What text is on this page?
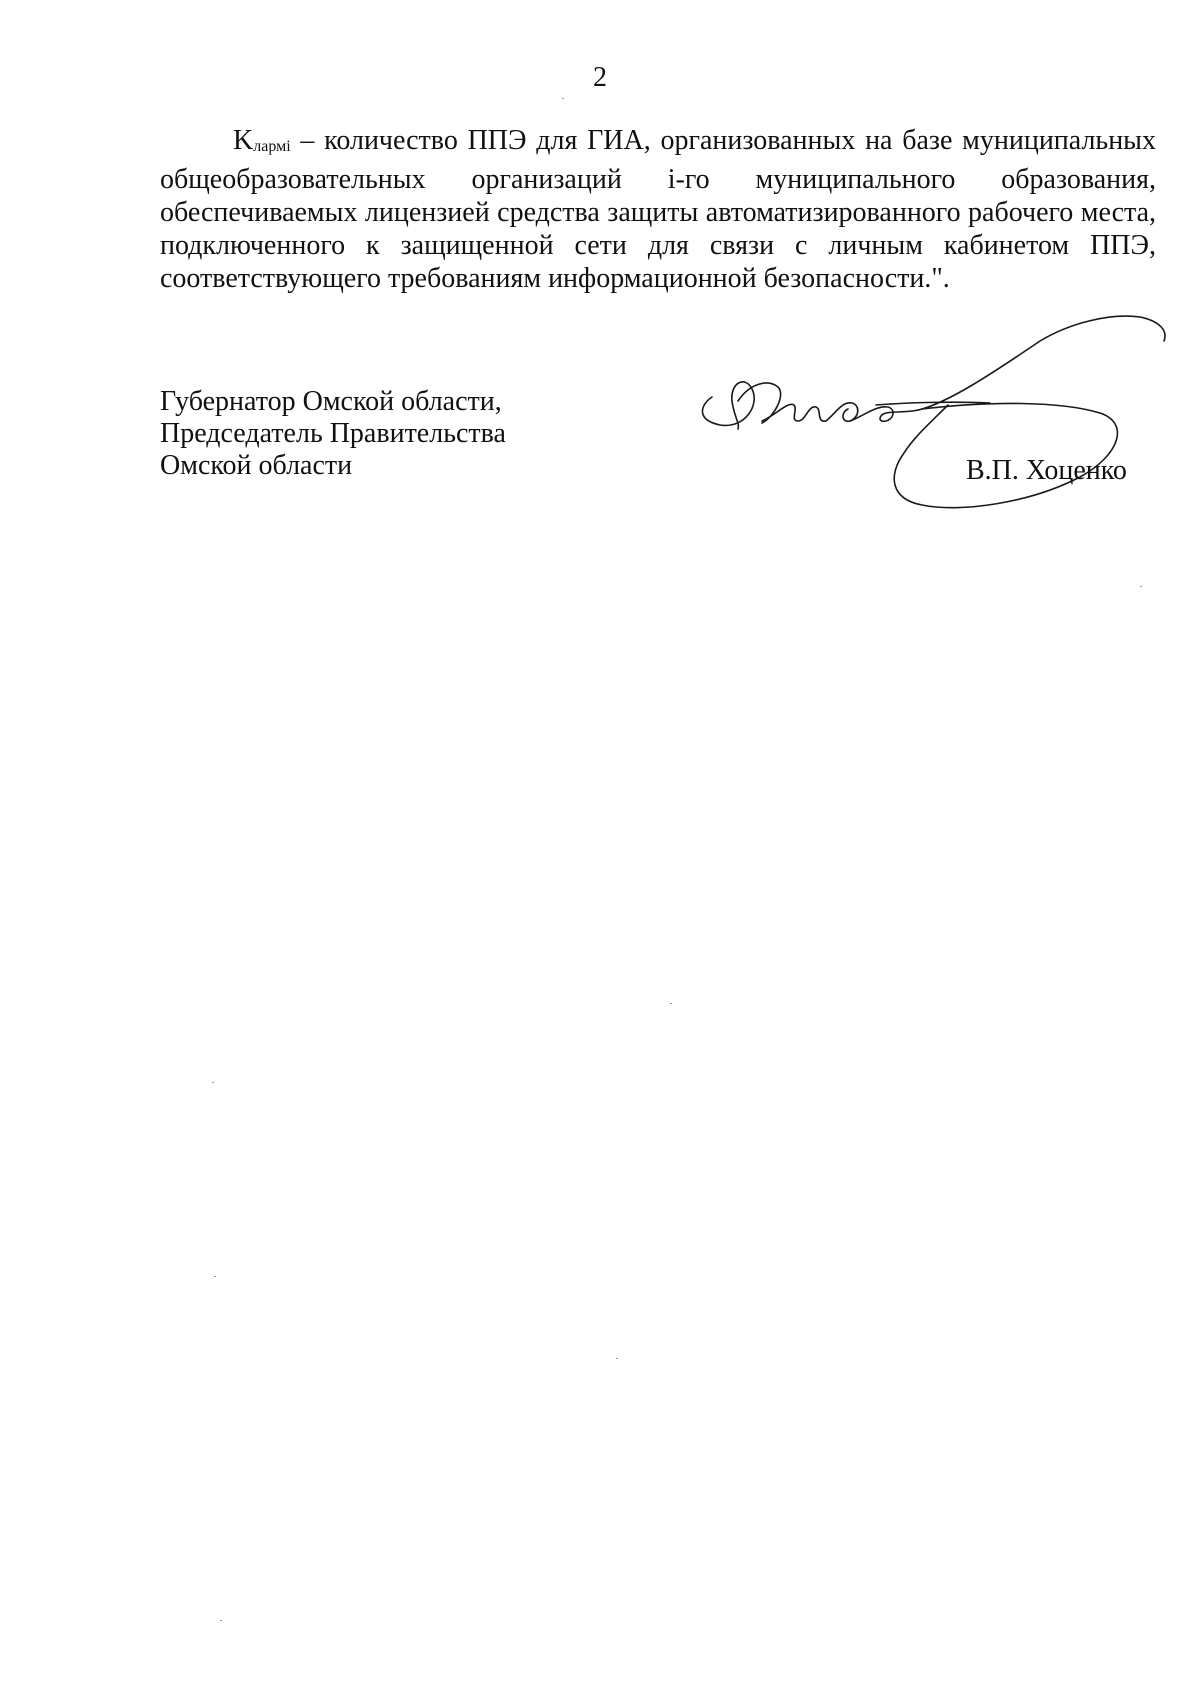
2

Kлармi – количество ППЭ для ГИА, организованных на базе муниципальных общеобразовательных организаций i-го муниципального образования, обеспечиваемых лицензией средства защиты автоматизированного рабочего места, подключенного к защищенной сети для связи с личным кабинетом ППЭ, соответствующего требованиям информационной безопасности.".

Губернатор Омской области,
Председатель Правительства
Омской области	В.П. Хоценко
